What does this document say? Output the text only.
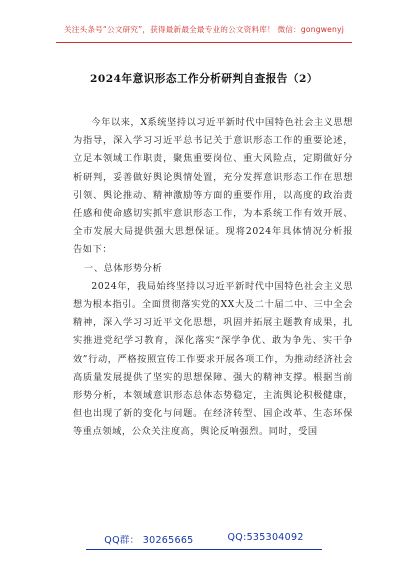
关注头条号“公文研究”，获得最新最全最专业的公文资料库！ 微信：gongwenyj
2024年意识形态工作分析研判自查报告（2）

今年以来，X系统坚持以习近平新时代中国特色社会主义思想为指导，深入学习习近平总书记关于意识形态工作的重要论述，立足本领域工作职责，聚焦重要岗位、重大风险点，定期做好分析研判，妥善做好舆论舆情处置，充分发挥意识形态工作在思想引领、舆论推动、精神激励等方面的重要作用，以高度的政治责任感和使命感切实抓牢意识形态工作，为本系统工作有效开展、全市发展大局提供强大思想保证。现将2024年具体情况分析报告如下：

一、总体形势分析

2024年，我局始终坚持以习近平新时代中国特色社会主义思想为根本指引。全面贯彻落实党的XX大及二十届二中、三中全会精神，深入学习习近平文化思想，巩固并拓展主题教育成果，扎实推进党纪学习教育，深化落实“深学争优、敢为争先、实干争效”行动，严格按照宣传工作要求开展各项工作，为推动经济社会高质量发展提供了坚实的思想保障、强大的精神支撑。根据当前形势分析，本领域意识形态总体态势稳定，主流舆论积极健康，但也出现了新的变化与问题。在经济转型、国企改革、生态环保等重点领域，公众关注度高，舆论反响强烈。同时，受国

QQ群： 30265665	QQ:535304092
